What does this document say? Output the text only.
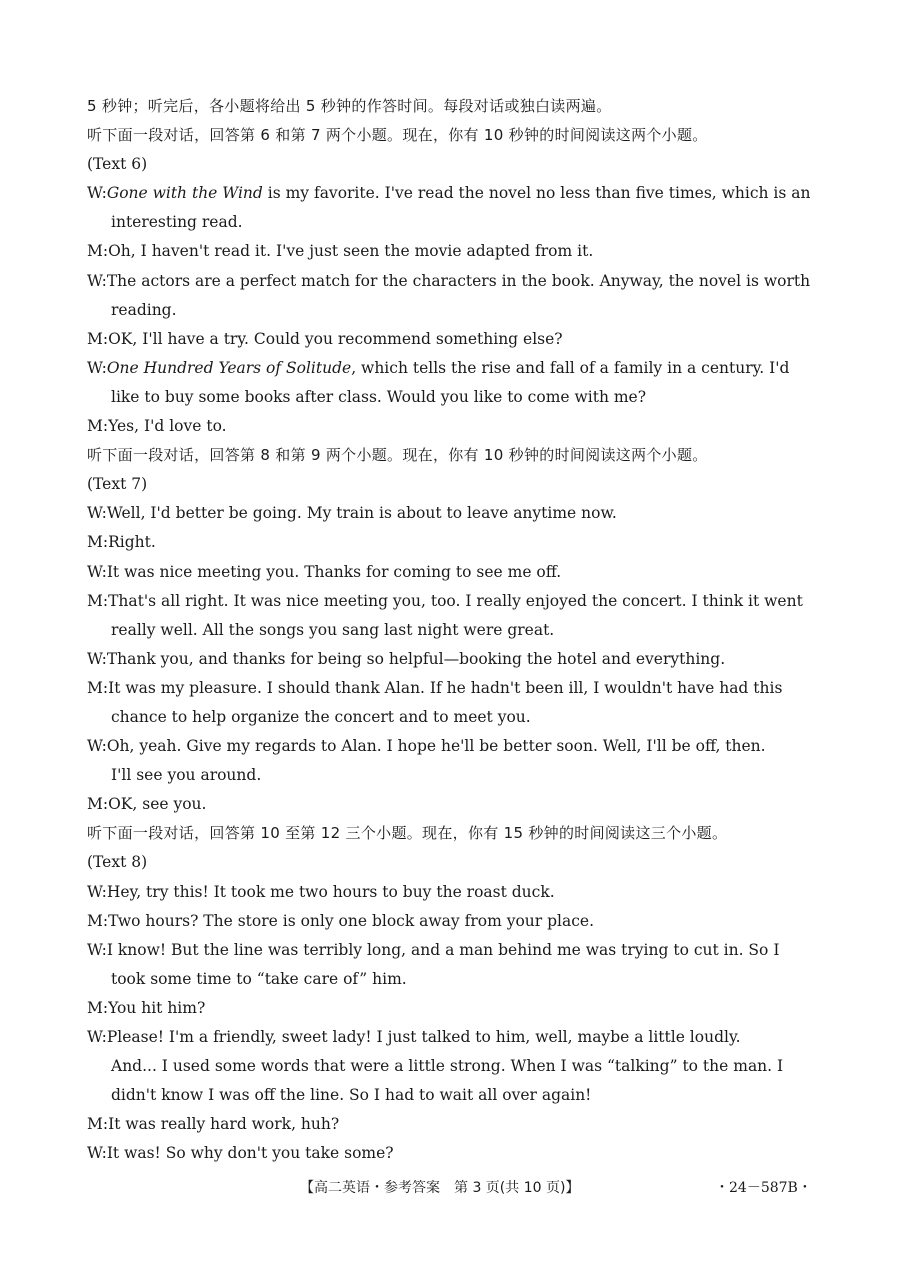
5 秒钟；听完后，各小题将给出 5 秒钟的作答时间。每段对话或独白读两遍。
听下面一段对话，回答第 6 和第 7 两个小题。现在，你有 10 秒钟的时间阅读这两个小题。
(Text 6)
W:Gone with the Wind is my favorite. I've read the novel no less than five times, which is an
interesting read.
M:Oh, I haven't read it. I've just seen the movie adapted from it.
W:The actors are a perfect match for the characters in the book. Anyway, the novel is worth
reading.
M:OK, I'll have a try. Could you recommend something else?
W:One Hundred Years of Solitude, which tells the rise and fall of a family in a century. I'd
like to buy some books after class. Would you like to come with me?
M:Yes, I'd love to.
听下面一段对话，回答第 8 和第 9 两个小题。现在，你有 10 秒钟的时间阅读这两个小题。
(Text 7)
W:Well, I'd better be going. My train is about to leave anytime now.
M:Right.
W:It was nice meeting you. Thanks for coming to see me off.
M:That's all right. It was nice meeting you, too. I really enjoyed the concert. I think it went
really well. All the songs you sang last night were great.
W:Thank you, and thanks for being so helpful—booking the hotel and everything.
M:It was my pleasure. I should thank Alan. If he hadn't been ill, I wouldn't have had this
chance to help organize the concert and to meet you.
W:Oh, yeah. Give my regards to Alan. I hope he'll be better soon. Well, I'll be off, then.
I'll see you around.
M:OK, see you.
听下面一段对话，回答第 10 至第 12 三个小题。现在，你有 15 秒钟的时间阅读这三个小题。
(Text 8)
W:Hey, try this! It took me two hours to buy the roast duck.
M:Two hours? The store is only one block away from your place.
W:I know! But the line was terribly long, and a man behind me was trying to cut in. So I
took some time to “take care of” him.
M:You hit him?
W:Please! I'm a friendly, sweet lady! I just talked to him, well, maybe a little loudly.
And... I used some words that were a little strong. When I was “talking” to the man. I
didn't know I was off the line. So I had to wait all over again!
M:It was really hard work, huh?
W:It was! So why don't you take some?
【高二英语・参考答案　第 3 页(共 10 页)】	・24－587B・
